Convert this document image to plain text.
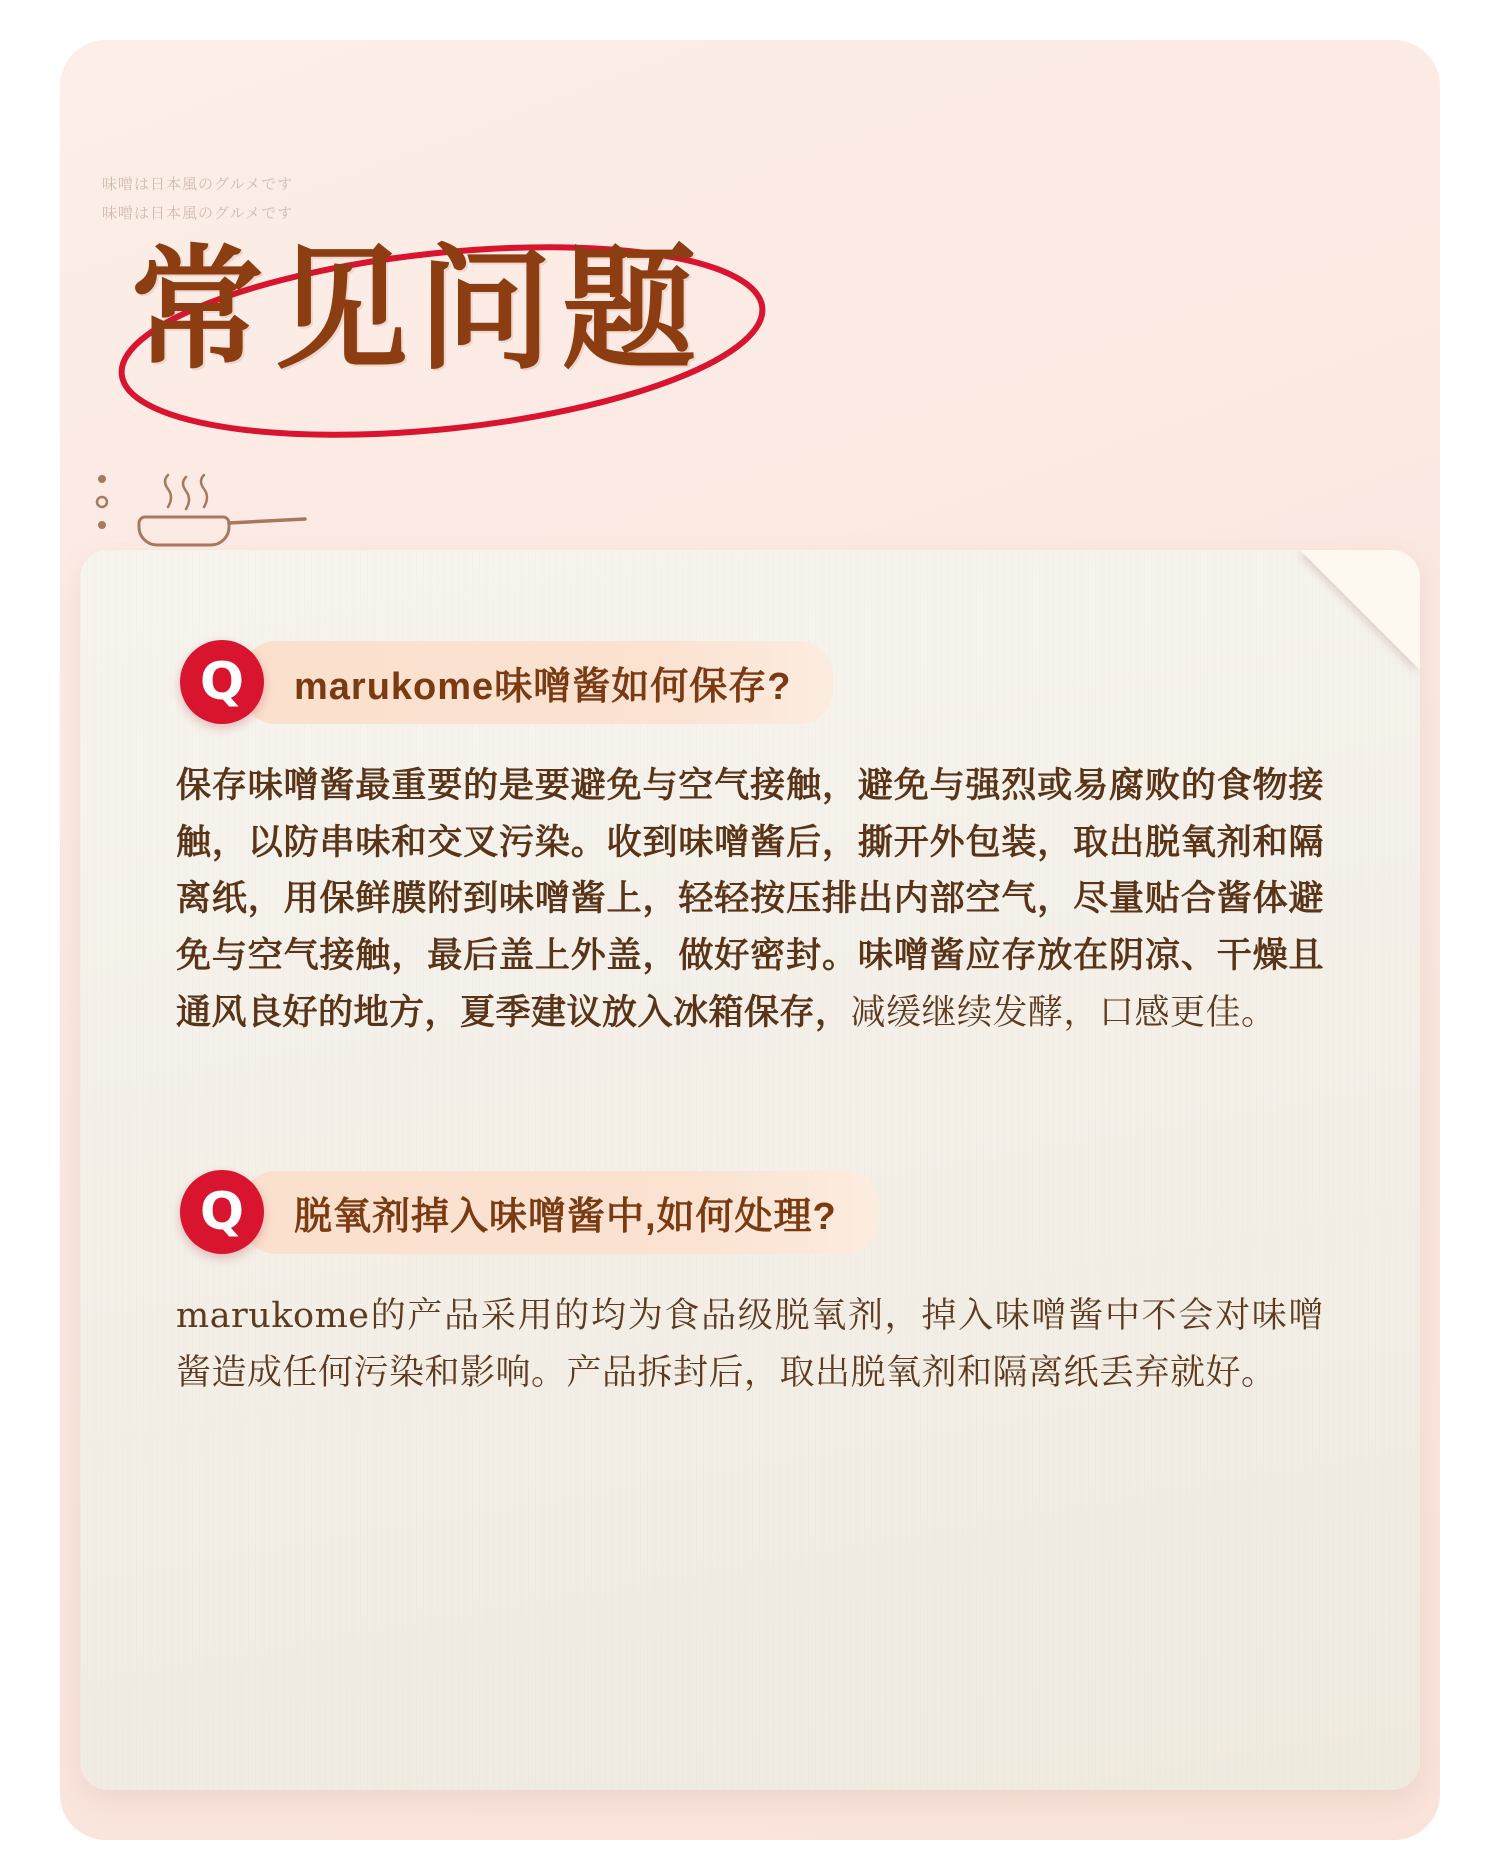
味噌は日本風のグルメです
味噌は日本風のグルメです
常见问题
Q	marukome味噌酱如何保存?
保存味噌酱最重要的是要避免与空气接触，避免与强烈或易腐败的食物接触，以防串味和交叉污染。收到味噌酱后，撕开外包装，取出脱氧剂和隔离纸，用保鲜膜附到味噌酱上，轻轻按压排出内部空气，尽量贴合酱体避免与空气接触，最后盖上外盖，做好密封。味噌酱应存放在阴凉、干燥且通风良好的地方，夏季建议放入冰箱保存，减缓继续发酵，口感更佳。
Q	脱氧剂掉入味噌酱中,如何处理?
marukome的产品采用的均为食品级脱氧剂，掉入味噌酱中不会对味噌酱造成任何污染和影响。产品拆封后，取出脱氧剂和隔离纸丢弃就好。
